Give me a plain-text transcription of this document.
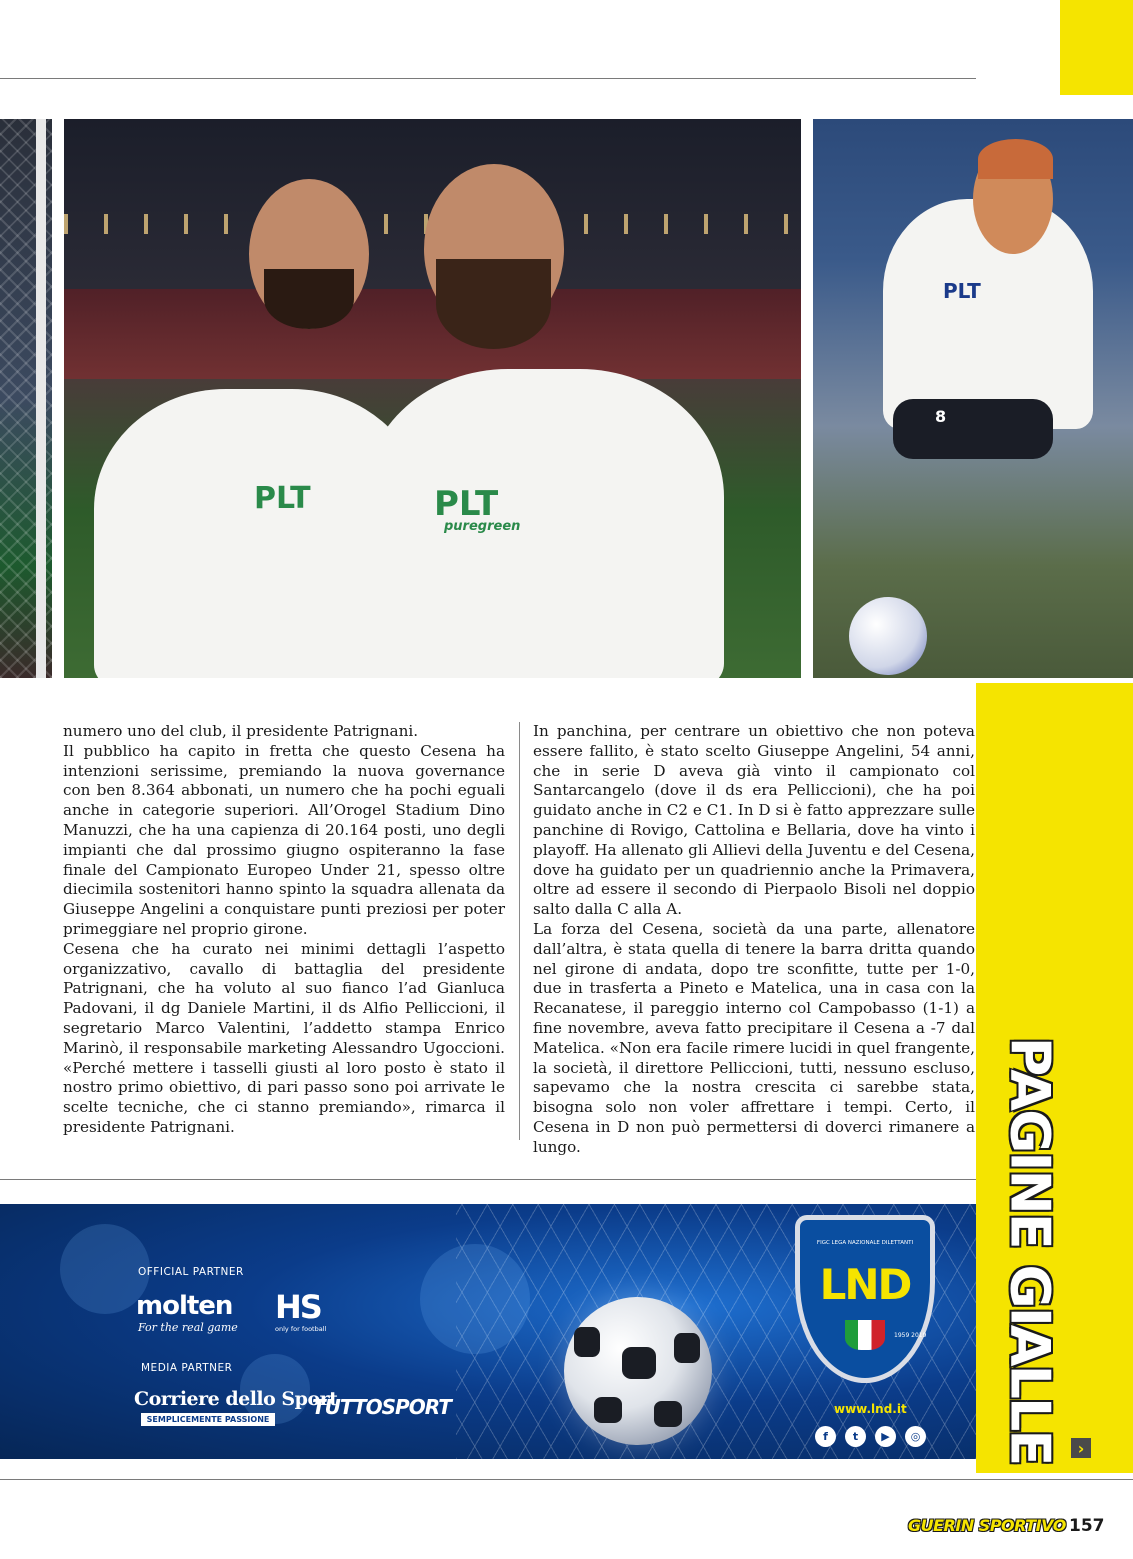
PLT	PLT
puregreen
PLT
8

numero uno del club, il presidente Patrignani.

Il pubblico ha capito in fretta che questo Cesena ha intenzioni serissime, premiando la nuova governance con ben 8.364 abbonati, un numero che ha pochi eguali anche in categorie superiori. All’Orogel Stadium Dino Manuzzi, che ha una capienza di 20.164 posti, uno degli impianti che dal prossimo giugno ospiteranno la fase finale del Campionato Europeo Under 21, spesso oltre diecimila sostenitori hanno spinto la squadra allenata da Giuseppe Angelini a conquistare punti preziosi per poter primeggiare nel proprio girone.

Cesena che ha curato nei minimi dettagli l’aspetto organizzativo, cavallo di battaglia del presidente Patrignani, che ha voluto al suo fianco l’ad Gianluca Padovani, il dg Daniele Martini, il ds Alfio Pelliccioni, il segretario Marco Valentini, l’addetto stampa Enrico Marinò, il responsabile marketing Alessandro Ugoccioni. «Perché mettere i tasselli giusti al loro posto è stato il nostro primo obiettivo, di pari passo sono poi arrivate le scelte tecniche, che ci stanno premiando», rimarca il presidente Patrignani.

In panchina, per centrare un obiettivo che non poteva essere fallito, è stato scelto Giuseppe Angelini, 54 anni, che in serie D aveva già vinto il campionato col Santarcangelo (dove il ds era Pelliccioni), che ha poi guidato anche in C2 e C1. In D si è fatto apprezzare sulle panchine di Rovigo, Cattolina e Bellaria, dove ha vinto i playoff. Ha allenato gli Allievi della Juventu e del Cesena, dove ha guidato per un quadriennio anche la Primavera, oltre ad essere il secondo di Pierpaolo Bisoli nel doppio salto dalla C alla A.

La forza del Cesena, società da una parte, allenatore dall’altra, è stata quella di tenere la barra dritta quando nel girone di andata, dopo tre sconfitte, tutte per 1-0, due in trasferta a Pineto e Matelica, una in casa con la Recanatese, il pareggio interno col Campobasso (1-1) a fine novembre, aveva fatto precipitare il Cesena a -7 dal Matelica. «Non era facile rimere lucidi in quel frangente, la società, il direttore Pelliccioni, tutti, nessuno escluso, sapevamo che la nostra crescita ci sarebbe stata, bisogna solo non voler affrettare i tempi. Certo, il Cesena in D non può permettersi di doverci rimanere a lungo.	PAGINE GIALLE	›
OFFICIAL PARTNER
molten
For the real game
HS
only for football
MEDIA PARTNER
Corriere dello Sport
SEMPLICEMENTE PASSIONE
TUTTOSPORT
FIGC LEGA NAZIONALE DILETTANTI
LND
1959 2019
www.lnd.it
f	t	▶	◎
GUERIN SPORTIVO 157
